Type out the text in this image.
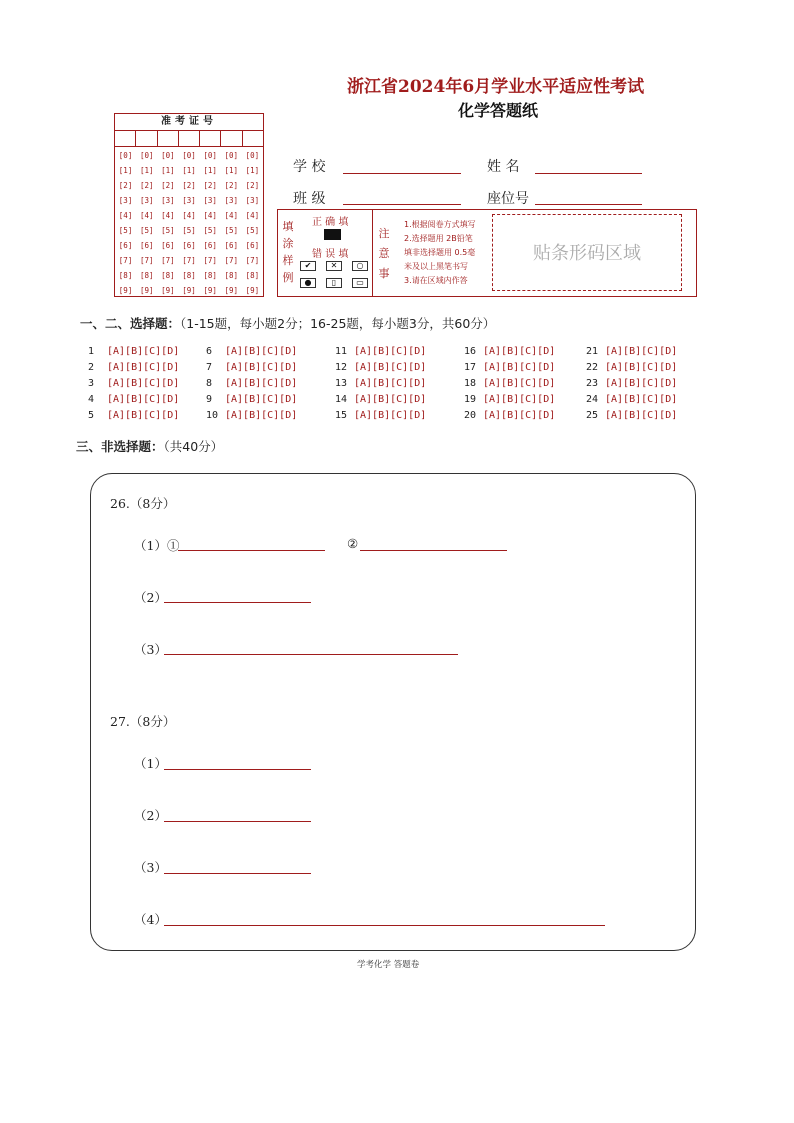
浙江省2024年6月学业水平适应性考试
化学答题纸
准考证号
[0]	[0]	[0]	[0]	[0]	[0]	[0]
[1]	[1]	[1]	[1]	[1]	[1]	[1]
[2]	[2]	[2]	[2]	[2]	[2]	[2]
[3]	[3]	[3]	[3]	[3]	[3]	[3]
[4]	[4]	[4]	[4]	[4]	[4]	[4]
[5]	[5]	[5]	[5]	[5]	[5]	[5]
[6]	[6]	[6]	[6]	[6]	[6]	[6]
[7]	[7]	[7]	[7]	[7]	[7]	[7]
[8]	[8]	[8]	[8]	[8]	[8]	[8]
[9]	[9]	[9]	[9]	[9]	[9]	[9]
学 校	姓 名
班 级	座位号
填
涂
样
例
正 确 填
错 误 填
✔	✕	○
●	▯	▭
注
意
事
1.根据阅卷方式填写
2.选择题用 2B铅笔
填非选择题用 0.5毫
米及以上黑笔书写
3.请在区域内作答
贴条形码区域
一、二、选择题：（1-15题，每小题2分；16-25题，每小题3分，共60分）
1 [A][B][C][D]	6 [A][B][C][D]	11 [A][B][C][D]	16 [A][B][C][D]	21 [A][B][C][D]
2 [A][B][C][D]	7 [A][B][C][D]	12 [A][B][C][D]	17 [A][B][C][D]	22 [A][B][C][D]
3 [A][B][C][D]	8 [A][B][C][D]	13 [A][B][C][D]	18 [A][B][C][D]	23 [A][B][C][D]
4 [A][B][C][D]	9 [A][B][C][D]	14 [A][B][C][D]	19 [A][B][C][D]	24 [A][B][C][D]
5 [A][B][C][D]	10 [A][B][C][D]	15 [A][B][C][D]	20 [A][B][C][D]	25 [A][B][C][D]
三、非选择题：（共40分）
26.（8分）
（1）①	②
（2）
（3）
27.（8分）
（1）
（2）
（3）
（4）
学考化学 答题卷
